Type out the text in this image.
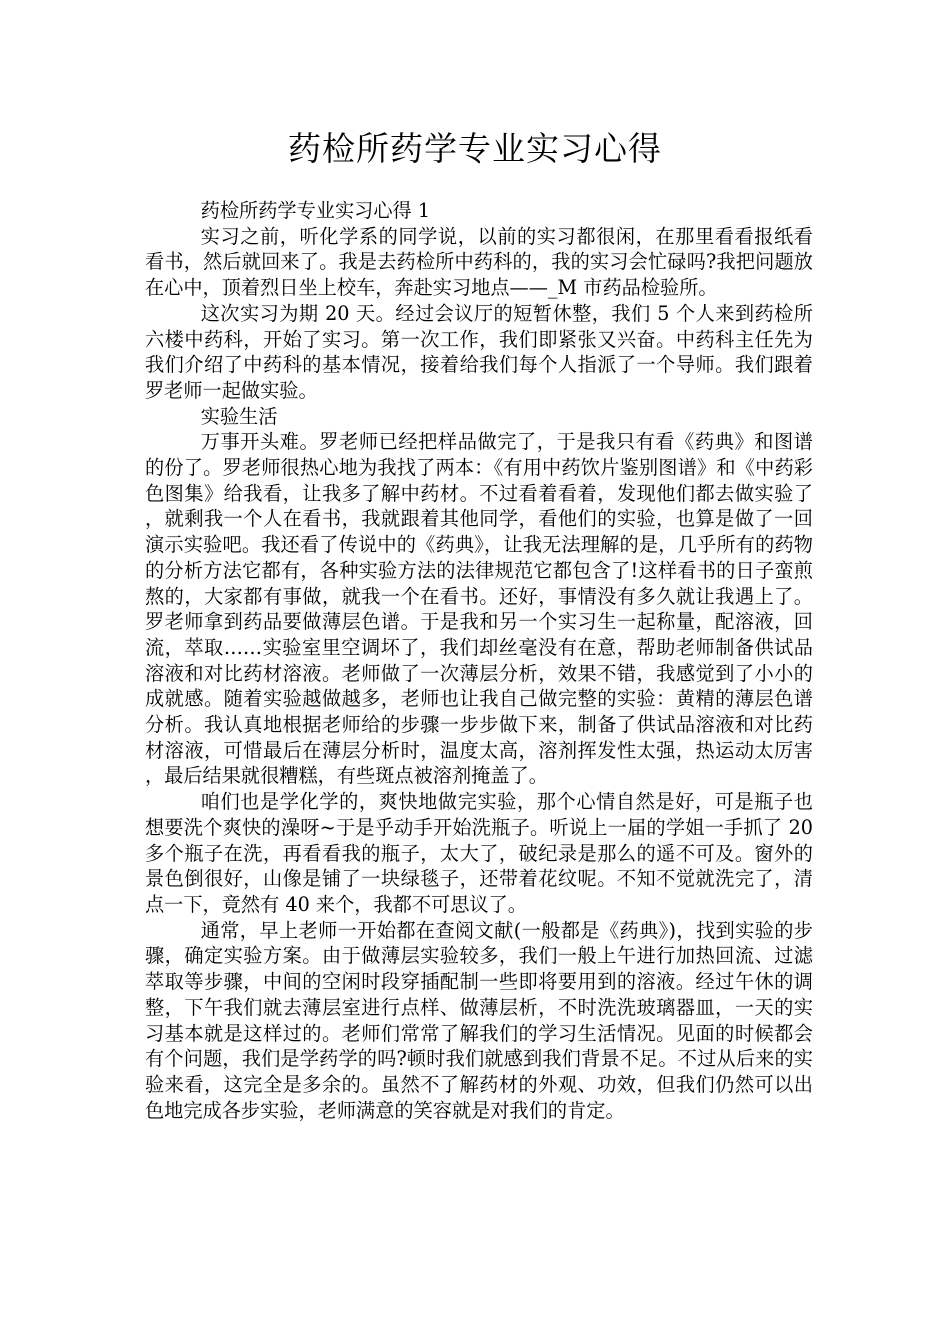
药检所药学专业实习心得

药检所药学专业实习心得 1

实习之前，听化学系的同学说，以前的实习都很闲，在那里看看报纸看看书，然后就回来了。我是去药检所中药科的，我的实习会忙碌吗?我把问题放在心中，顶着烈日坐上校车，奔赴实习地点——_M 市药品检验所。

这次实习为期 20 天。经过会议厅的短暂休整，我们 5 个人来到药检所六楼中药科，开始了实习。第一次工作，我们即紧张又兴奋。中药科主任先为我们介绍了中药科的基本情况，接着给我们每个人指派了一个导师。我们跟着罗老师一起做实验。

实验生活

万事开头难。罗老师已经把样品做完了，于是我只有看《药典》和图谱的份了。罗老师很热心地为我找了两本：《有用中药饮片鉴别图谱》和《中药彩色图集》给我看，让我多了解中药材。不过看着看着，发现他们都去做实验了，就剩我一个人在看书，我就跟着其他同学，看他们的实验，也算是做了一回演示实验吧。我还看了传说中的《药典》，让我无法理解的是，几乎所有的药物的分析方法它都有，各种实验方法的法律规范它都包含了!这样看书的日子蛮煎熬的，大家都有事做，就我一个在看书。还好，事情没有多久就让我遇上了。罗老师拿到药品要做薄层色谱。于是我和另一个实习生一起称量，配溶液，回流，萃取……实验室里空调坏了，我们却丝毫没有在意，帮助老师制备供试品溶液和对比药材溶液。老师做了一次薄层分析，效果不错，我感觉到了小小的成就感。随着实验越做越多，老师也让我自己做完整的实验：黄精的薄层色谱分析。我认真地根据老师给的步骤一步步做下来，制备了供试品溶液和对比药材溶液，可惜最后在薄层分析时，温度太高，溶剂挥发性太强，热运动太厉害，最后结果就很糟糕，有些斑点被溶剂掩盖了。

咱们也是学化学的，爽快地做完实验，那个心情自然是好，可是瓶子也想要洗个爽快的澡呀~于是乎动手开始洗瓶子。听说上一届的学姐一手抓了 20 多个瓶子在洗，再看看我的瓶子，太大了，破纪录是那么的遥不可及。窗外的景色倒很好，山像是铺了一块绿毯子，还带着花纹呢。不知不觉就洗完了，清点一下，竟然有 40 来个，我都不可思议了。

通常，早上老师一开始都在查阅文献(一般都是《药典》)，找到实验的步骤，确定实验方案。由于做薄层实验较多，我们一般上午进行加热回流、过滤萃取等步骤，中间的空闲时段穿插配制一些即将要用到的溶液。经过午休的调整，下午我们就去薄层室进行点样、做薄层析，不时洗洗玻璃器皿，一天的实习基本就是这样过的。老师们常常了解我们的学习生活情况。见面的时候都会有个问题，我们是学药学的吗?顿时我们就感到我们背景不足。不过从后来的实验来看，这完全是多余的。虽然不了解药材的外观、功效，但我们仍然可以出色地完成各步实验，老师满意的笑容就是对我们的肯定。
